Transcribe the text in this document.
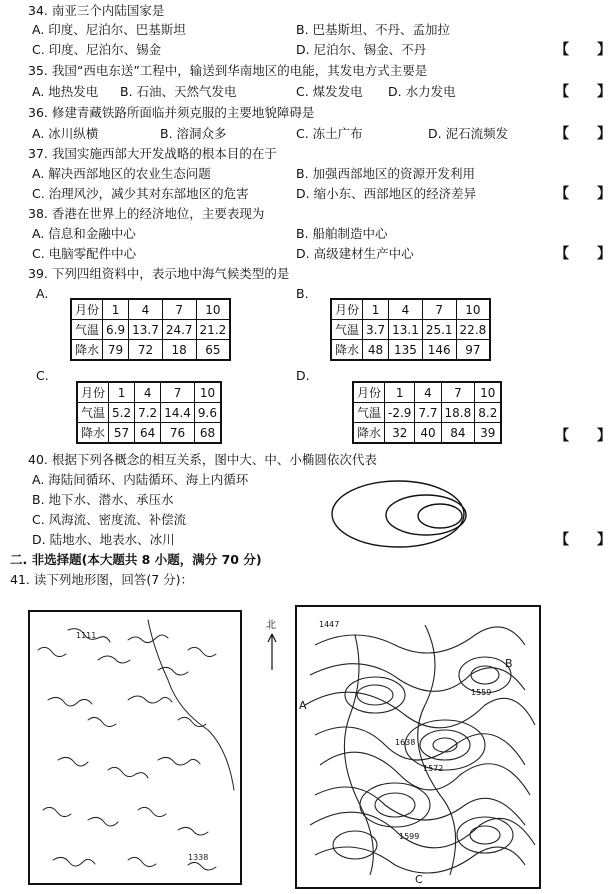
34. 南亚三个内陆国家是
A. 印度、尼泊尔、巴基斯坦	B. 巴基斯坦、不丹、孟加拉
C. 印度、尼泊尔、锡金	D. 尼泊尔、锡金、不丹	【　　】
35. 我国“西电东送”工程中，输送到华南地区的电能，其发电方式主要是
A. 地热发电 B. 石油、天然气发电	C. 煤发发电 D. 水力发电	【　　】
36. 修建青藏铁路所面临并须克服的主要地貌障碍是
A. 冰川纵横	B. 溶洞众多	C. 冻土广布	D. 泥石流频发	【　　】
37. 我国实施西部大开发战略的根本目的在于
A. 解决西部地区的农业生态问题	B. 加强西部地区的资源开发利用
C. 治理风沙，减少其对东部地区的危害	D. 缩小东、西部地区的经济差异	【　　】
38. 香港在世界上的经济地位，主要表现为
A. 信息和金融中心	B. 船舶制造中心
C. 电脑零配件中心	D. 高级建材生产中心	【　　】
39. 下列四组资料中，表示地中海气候类型的是
A.	B.
C.	D.
月份	1	4	7	10
气温	6.9	13.7	24.7	21.2
降水	79	72	18	65
月份	1	4	7	10
气温	3.7	13.1	25.1	22.8
降水	48	135	146	97
月份	1	4	7	10
气温	5.2	7.2	14.4	9.6
降水	57	64	76	68
月份	1	4	7	10
气温	-2.9	7.7	18.8	8.2
降水	32	40	84	39	【　　】
40. 根据下列各概念的相互关系，图中大、中、小椭圆依次代表
A. 海陆间循环、内陆循环、海上内循环
B. 地下水、潜水、承压水
C. 风海流、密度流、补偿流
D. 陆地水、地表水、冰川	【　　】
二. 非选择题(本大题共 8 小题，满分 70 分)
41. 读下列地形图，回答(7 分)：
1111
1338
北	1447
1559
1638
1572
1599
A
B
C
